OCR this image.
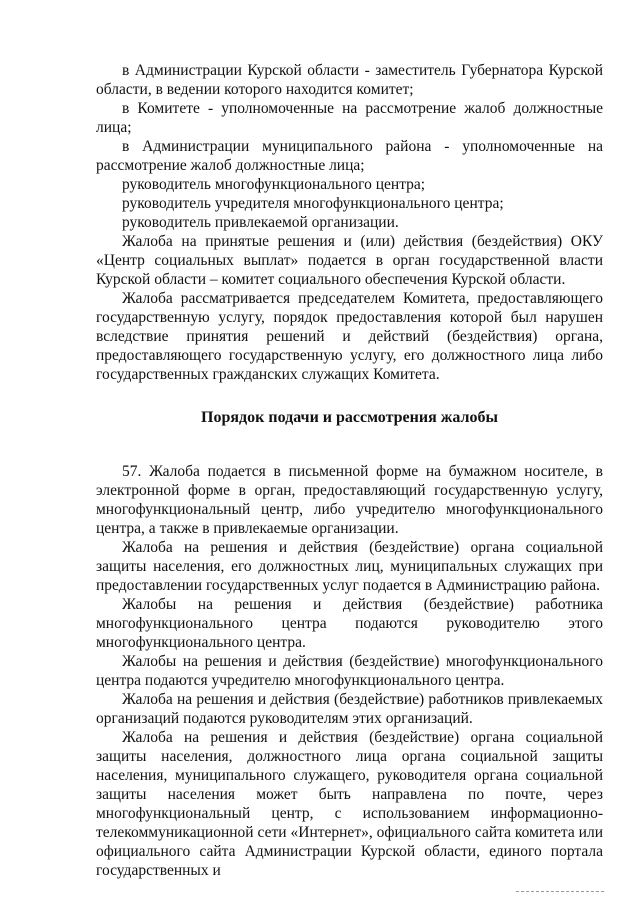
в Администрации Курской области - заместитель Губернатора Курской области, в ведении которого находится комитет;

в Комитете - уполномоченные на рассмотрение жалоб должностные лица;

в Администрации муниципального района - уполномоченные на рассмотрение жалоб должностные лица;

руководитель многофункционального центра;

руководитель учредителя многофункционального центра;

руководитель привлекаемой организации.

Жалоба на принятые решения и (или) действия (бездействия) ОКУ «Центр социальных выплат» подается в орган государственной власти Курской области – комитет социального обеспечения Курской области.

Жалоба рассматривается председателем Комитета, предоставляющего государственную услугу, порядок предоставления которой был нарушен вследствие принятия решений и действий (бездействия) органа, предоставляющего государственную услугу, его должностного лица либо государственных гражданских служащих Комитета.

Порядок подачи и рассмотрения жалобы

57. Жалоба подается в письменной форме на бумажном носителе, в электронной форме в орган, предоставляющий государственную услугу, многофункциональный центр, либо учредителю многофункционального центра, а также в привлекаемые организации.

Жалоба на решения и действия (бездействие) органа социальной защиты населения, его должностных лиц, муниципальных служащих при предоставлении государственных услуг подается в Администрацию района.

Жалобы на решения и действия (бездействие) работника многофункционального центра подаются руководителю этого многофункционального центра.

Жалобы на решения и действия (бездействие) многофункционального центра подаются учредителю многофункционального центра.

Жалоба на решения и действия (бездействие) работников привлекаемых организаций подаются руководителям этих организаций.

Жалоба на решения и действия (бездействие) органа социальной защиты населения, должностного лица органа социальной защиты населения, муниципального служащего, руководителя органа социальной защиты населения может быть направлена по почте, через многофункциональный центр, с использованием информационно-телекоммуникационной сети «Интернет», официального сайта комитета или официального сайта Администрации Курской области, единого портала государственных и
